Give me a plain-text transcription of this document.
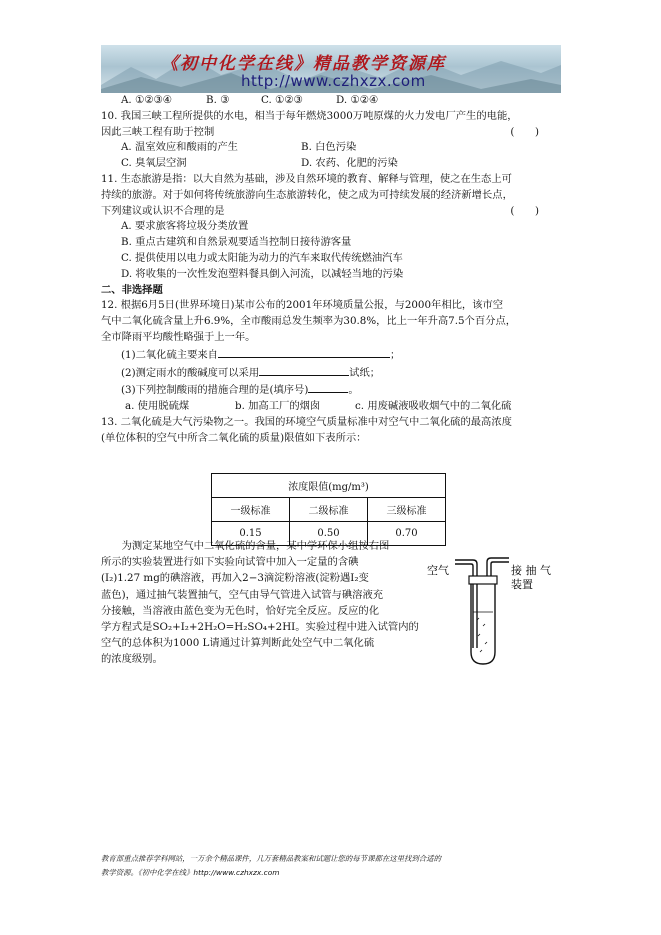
《初中化学在线》精品教学资源库
http://www.czhxzx.com
A. ①②③④	B. ③	C. ①②③	D. ①②④
10. 我国三峡工程所提供的水电，相当于每年燃烧3000万吨原煤的火力发电厂产生的电能，
因此三峡工程有助于控制	(　　)
A. 温室效应和酸雨的产生	B. 白色污染
C. 臭氧层空洞	D. 农药、化肥的污染
11. 生态旅游是指：以大自然为基础，涉及自然环境的教育、解释与管理，使之在生态上可
持续的旅游。对于如何将传统旅游向生态旅游转化，使之成为可持续发展的经济新增长点，
下列建议或认识不合理的是	(　　)
A. 要求旅客将垃圾分类放置
B. 重点古建筑和自然景观要适当控制日接待游客量
C. 提供使用以电力或太阳能为动力的汽车来取代传统燃油汽车
D. 将收集的一次性发泡塑料餐具倒入河流，以减轻当地的污染
二、非选择题
12. 根据6月5日(世界环境日)某市公布的2001年环境质量公报，与2000年相比，该市空
气中二氧化硫含量上升6.9%，全市酸雨总发生频率为30.8%，比上一年升高7.5个百分点，
全市降雨平均酸性略强于上一年。
(1)二氧化硫主要来自	；
(2)测定雨水的酸碱度可以采用	试纸；
(3)下列控制酸雨的措施合理的是(填序号)	。
a. 使用脱硫煤	b. 加高工厂的烟囱	c. 用废碱液吸收烟气中的二氧化硫
13. 二氧化硫是大气污染物之一。我国的环境空气质量标准中对空气中二氧化硫的最高浓度
(单位体积的空气中所含二氧化硫的质量)限值如下表所示：
浓度限值(mg/m³)		
一级标准	二级标准	三级标准
0.15	0.50	0.70
　　为测定某地空气中二氧化硫的含量，某中学环保小组按右图
所示的实验装置进行如下实验向试管中加入一定量的含碘
(I₂)1.27 mg的碘溶液，再加入2−3滴淀粉溶液(淀粉遇I₂变
蓝色)，通过抽气装置抽气，空气由导气管进入试管与碘溶液充
分接触，当溶液由蓝色变为无色时，恰好完全反应。反应的化
学方程式是SO₂+I₂+2H₂O=H₂SO₄+2HI。实验过程中进入试管内的
空气的总体积为1000 L请通过计算判断此处空气中二氧化硫
的浓度级别。
空气	接 抽 气
装置
教育部重点推荐学科网站，一万余个精品课件，几万套精品教案和试题让您的每节课都在这里找到合适的
教学资源。《初中化学在线》http://www.czhxzx.com
